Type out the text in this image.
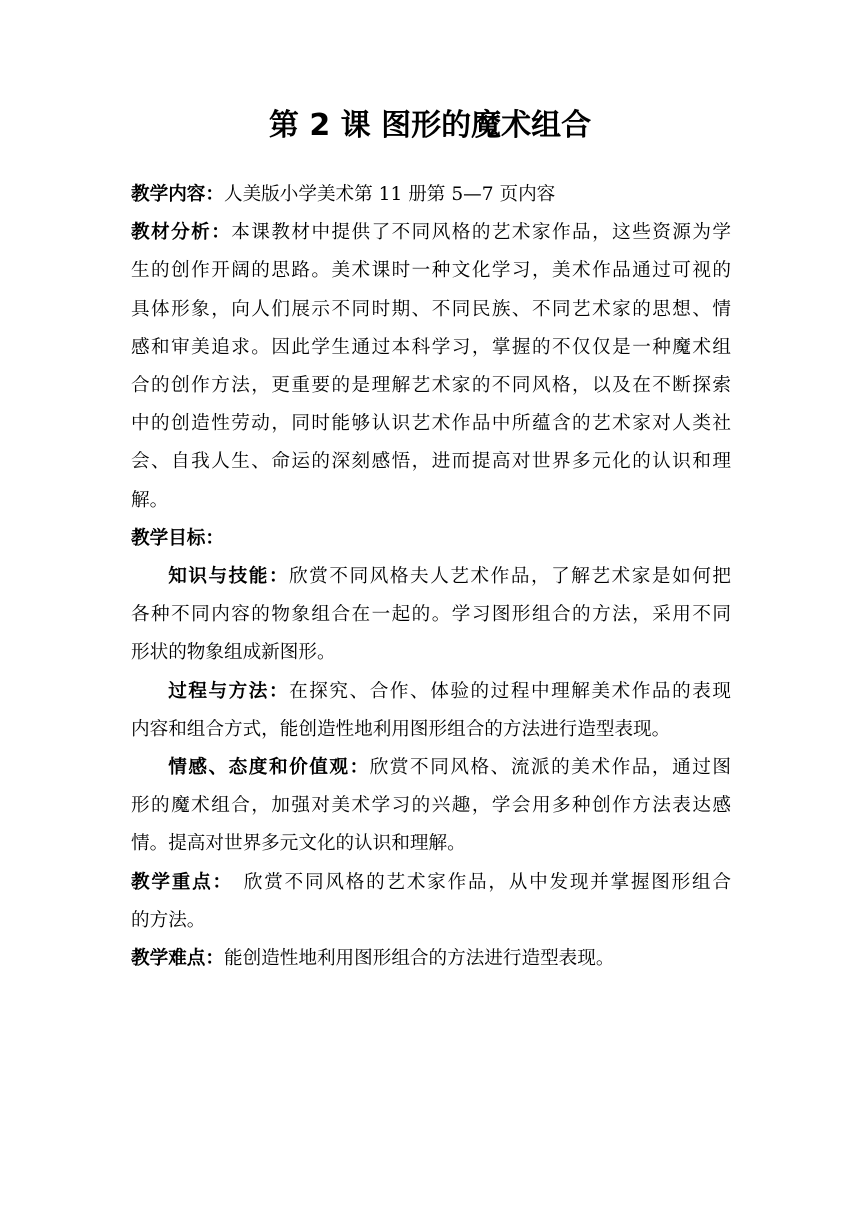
第 2 课 图形的魔术组合

教学内容：人美版小学美术第 11 册第 5—7 页内容

教材分析：本课教材中提供了不同风格的艺术家作品，这些资源为学
生的创作开阔的思路。美术课时一种文化学习，美术作品通过可视的
具体形象，向人们展示不同时期、不同民族、不同艺术家的思想、情
感和审美追求。因此学生通过本科学习，掌握的不仅仅是一种魔术组
合的创作方法，更重要的是理解艺术家的不同风格，以及在不断探索
中的创造性劳动，同时能够认识艺术作品中所蕴含的艺术家对人类社
会、自我人生、命运的深刻感悟，进而提高对世界多元化的认识和理
解。

教学目标：

知识与技能：欣赏不同风格夫人艺术作品，了解艺术家是如何把
各种不同内容的物象组合在一起的。学习图形组合的方法，采用不同
形状的物象组成新图形。

过程与方法：在探究、合作、体验的过程中理解美术作品的表现
内容和组合方式，能创造性地利用图形组合的方法进行造型表现。

情感、态度和价值观：欣赏不同风格、流派的美术作品，通过图
形的魔术组合，加强对美术学习的兴趣，学会用多种创作方法表达感
情。提高对世界多元文化的认识和理解。

教学重点：　欣赏不同风格的艺术家作品，从中发现并掌握图形组合
的方法。

教学难点：能创造性地利用图形组合的方法进行造型表现。
